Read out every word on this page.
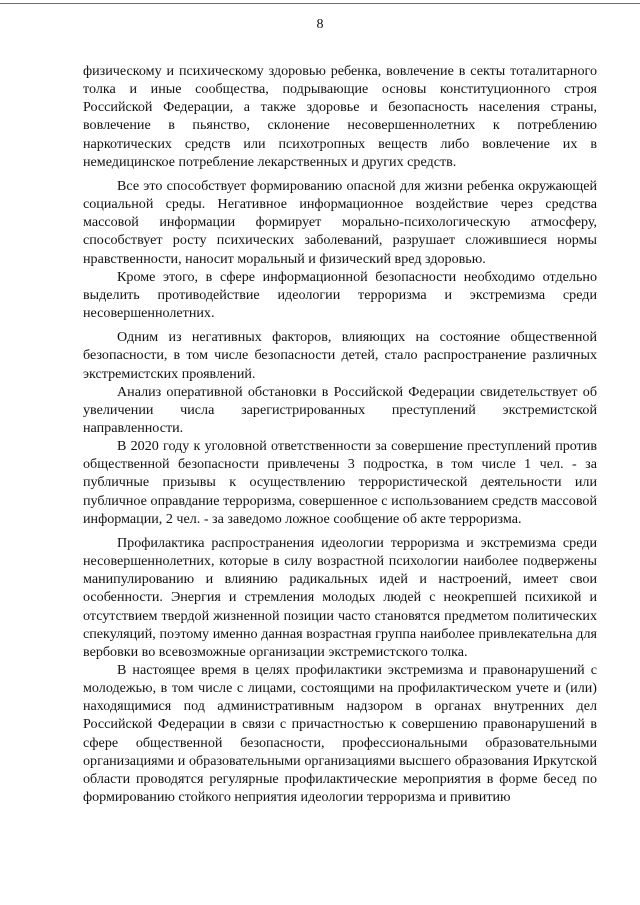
8

физическому и психическому здоровью ребенка, вовлечение в секты тоталитарного толка и иные сообщества, подрывающие основы конституционного строя Российской Федерации, а также здоровье и безопасность населения страны, вовлечение в пьянство, склонение несовершеннолетних к потреблению наркотических средств или психотропных веществ либо вовлечение их в немедицинское потребление лекарственных и других средств.

Все это способствует формированию опасной для жизни ребенка окружающей социальной среды. Негативное информационное воздействие через средства массовой информации формирует морально-психологическую атмосферу, способствует росту психических заболеваний, разрушает сложившиеся нормы нравственности, наносит моральный и физический вред здоровью.

Кроме этого, в сфере информационной безопасности необходимо отдельно выделить противодействие идеологии терроризма и экстремизма среди несовершеннолетних.

Одним из негативных факторов, влияющих на состояние общественной безопасности, в том числе безопасности детей, стало распространение различных экстремистских проявлений.

Анализ оперативной обстановки в Российской Федерации свидетельствует об увеличении числа зарегистрированных преступлений экстремистской направленности.

В 2020 году к уголовной ответственности за совершение преступлений против общественной безопасности привлечены 3 подростка, в том числе 1 чел. - за публичные призывы к осуществлению террористической деятельности или публичное оправдание терроризма, совершенное с использованием средств массовой информации, 2 чел. - за заведомо ложное сообщение об акте терроризма.

Профилактика распространения идеологии терроризма и экстремизма среди несовершеннолетних, которые в силу возрастной психологии наиболее подвержены манипулированию и влиянию радикальных идей и настроений, имеет свои особенности. Энергия и стремления молодых людей с неокрепшей психикой и отсутствием твердой жизненной позиции часто становятся предметом политических спекуляций, поэтому именно данная возрастная группа наиболее привлекательна для вербовки во всевозможные организации экстремистского толка.

В настоящее время в целях профилактики экстремизма и правонарушений с молодежью, в том числе с лицами, состоящими на профилактическом учете и (или) находящимися под административным надзором в органах внутренних дел Российской Федерации в связи с причастностью к совершению правонарушений в сфере общественной безопасности, профессиональными образовательными организациями и образовательными организациями высшего образования Иркутской области проводятся регулярные профилактические мероприятия в форме бесед по формированию стойкого неприятия идеологии терроризма и привитию
